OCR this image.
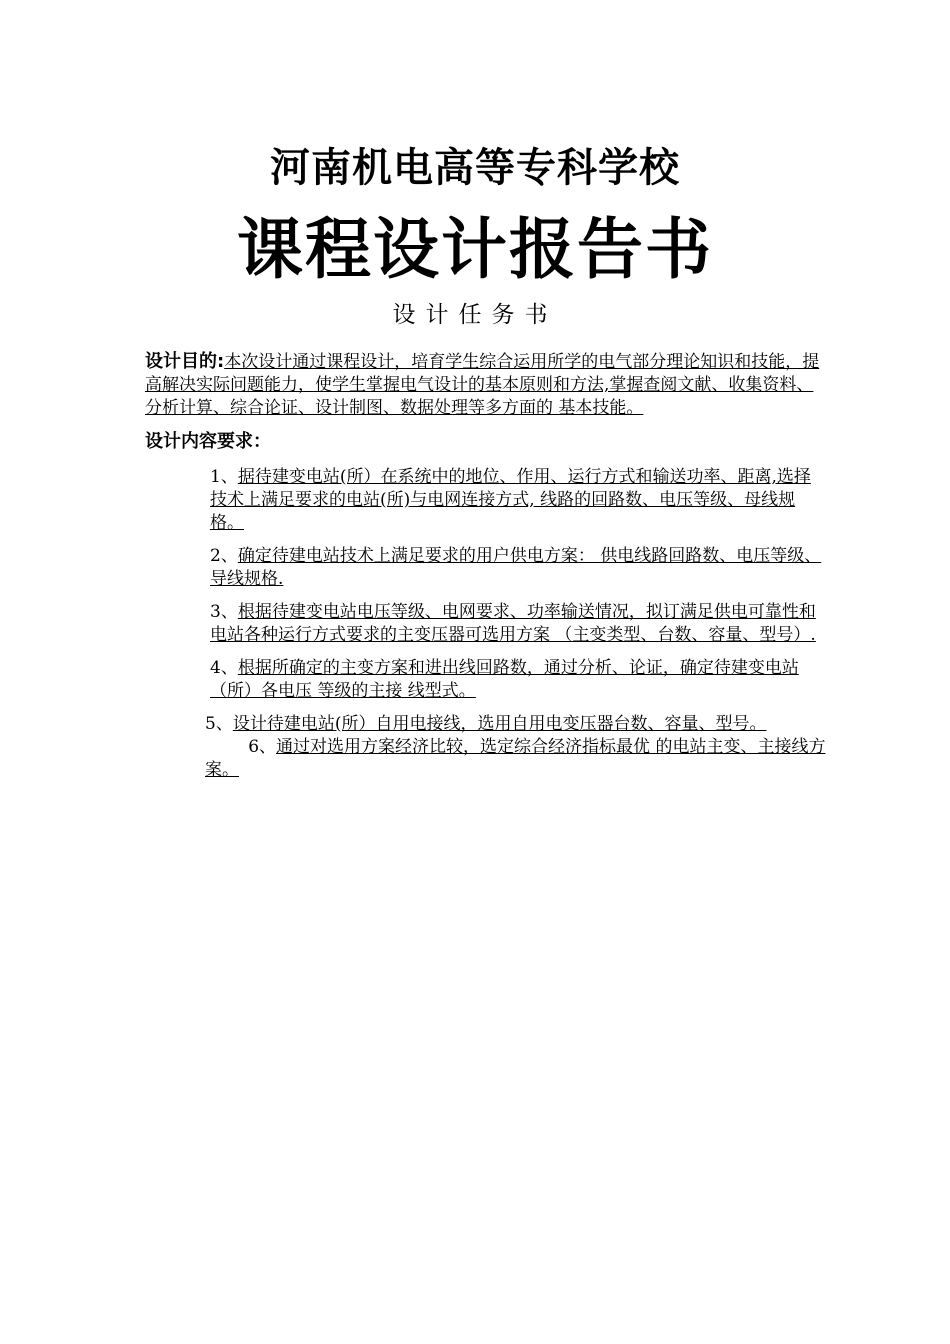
河南机电高等专科学校
课程设计报告书
设计任务书

设计目的:本次设计通过课程设计，培育学生综合运用所学的电气部分理论知识和技能，提高解决实际问题能力，使学生掌握电气设计的基本原则和方法,掌握查阅文献、收集资料、分析计算、综合论证、设计制图、数据处理等多方面的 基本技能。

设计内容要求：

1、据待建变电站(所）在系统中的地位、作用、运行方式和输送功率、距离,选择技术上满足要求的电站(所)与电网连接方式, 线路的回路数、电压等级、母线规格。

2、确定待建电站技术上满足要求的用户供电方案： 供电线路回路数、电压等级、导线规格.

3、根据待建变电站电压等级、电网要求、功率输送情况，拟订满足供电可靠性和电站各种运行方式要求的主变压器可选用方案 （主变类型、台数、容量、型号）.

4、根据所确定的主变方案和进出线回路数，通过分析、论证，确定待建变电站（所）各电压 等级的主接 线型式。

5、设计待建电站(所）自用电接线，选用自用电变压器台数、容量、型号。         6、通过对选用方案经济比较，选定综合经济指标最优 的电站主变、主接线方案。
